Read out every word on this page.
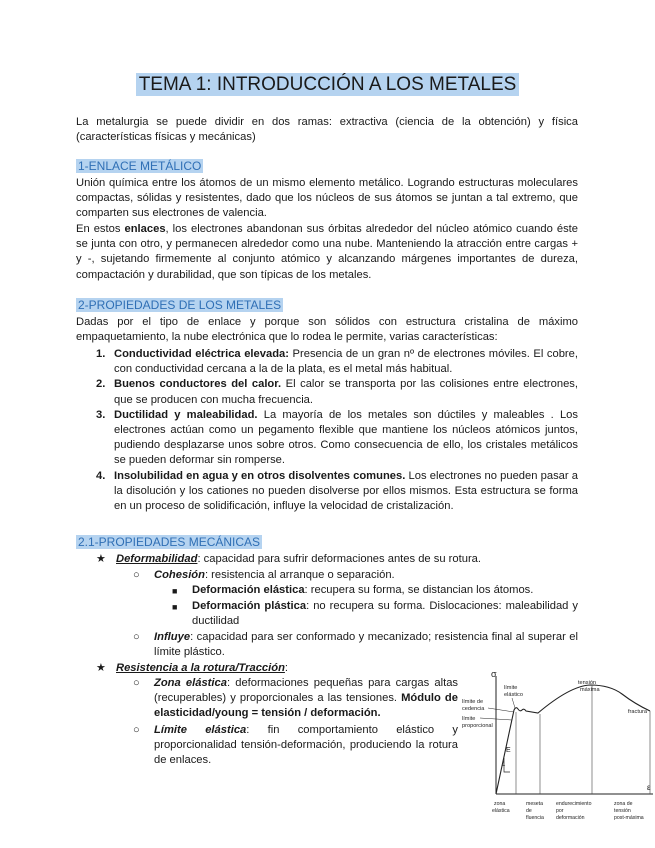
TEMA 1: INTRODUCCIÓN A LOS METALES

La metalurgia se puede dividir en dos ramas: extractiva (ciencia de la obtención) y física (características físicas y mecánicas)

1-ENLACE METÁLICO

Unión química entre los átomos de un mismo elemento metálico. Logrando estructuras moleculares compactas, sólidas y resistentes, dado que los núcleos de sus átomos se juntan a tal extremo, que comparten sus electrones de valencia.

En estos enlaces, los electrones abandonan sus órbitas alrededor del núcleo atómico cuando éste se junta con otro, y permanecen alrededor como una nube. Manteniendo la atracción entre cargas + y -, sujetando firmemente al conjunto atómico y alcanzando márgenes importantes de dureza, compactación y durabilidad, que son típicas de los metales.

2-PROPIEDADES DE LOS METALES

Dadas por el tipo de enlace y porque son sólidos con estructura cristalina de máximo empaquetamiento, la nube electrónica que lo rodea le permite, varias características:

1. Conductividad eléctrica elevada: Presencia de un gran nº de electrones móviles. El cobre, con conductividad cercana a la de la plata, es el metal más habitual.
2. Buenos conductores del calor. El calor se transporta por las colisiones entre electrones, que se producen con mucha frecuencia.
3. Ductilidad y maleabilidad. La mayoría de los metales son dúctiles y maleables . Los electrones actúan como un pegamento flexible que mantiene los núcleos atómicos juntos, pudiendo desplazarse unos sobre otros. Como consecuencia de ello, los cristales metálicos se pueden deformar sin romperse.
4. Insolubilidad en agua y en otros disolventes comunes. Los electrones no pueden pasar a la disolución y los cationes no pueden disolverse por ellos mismos. Esta estructura se forma en un proceso de solidificación, influye la velocidad de cristalización.
2.1-PROPIEDADES MECÁNICAS
★ Deformabilidad: capacidad para sufrir deformaciones antes de su rotura.
○ Cohesión: resistencia al arranque o separación.
■ Deformación elástica: recupera su forma, se distancian los átomos.
■ Deformación plástica: no recupera su forma. Dislocaciones: maleabilidad y ductilidad
○ Influye: capacidad para ser conformado y mecanizado; resistencia final al superar el límite plástico.
★ Resistencia a la rotura/Tracción:
○ Zona elástica: deformaciones pequeñas para cargas altas (recuperables) y proporcionales a las tensiones. Módulo de elasticidad/young = tensión / deformación.
○ Límite elástica: fin comportamiento elástico y proporcionalidad tensión-deformación, produciendo la rotura de enlaces.
σ
ε
E
1
límite elástico
límite de cedencia límite proporcional
tensión máxima
fractura
zona elástica
meseta de fluencia
endurecimiento por deformación
zona de tensión post-máxima
